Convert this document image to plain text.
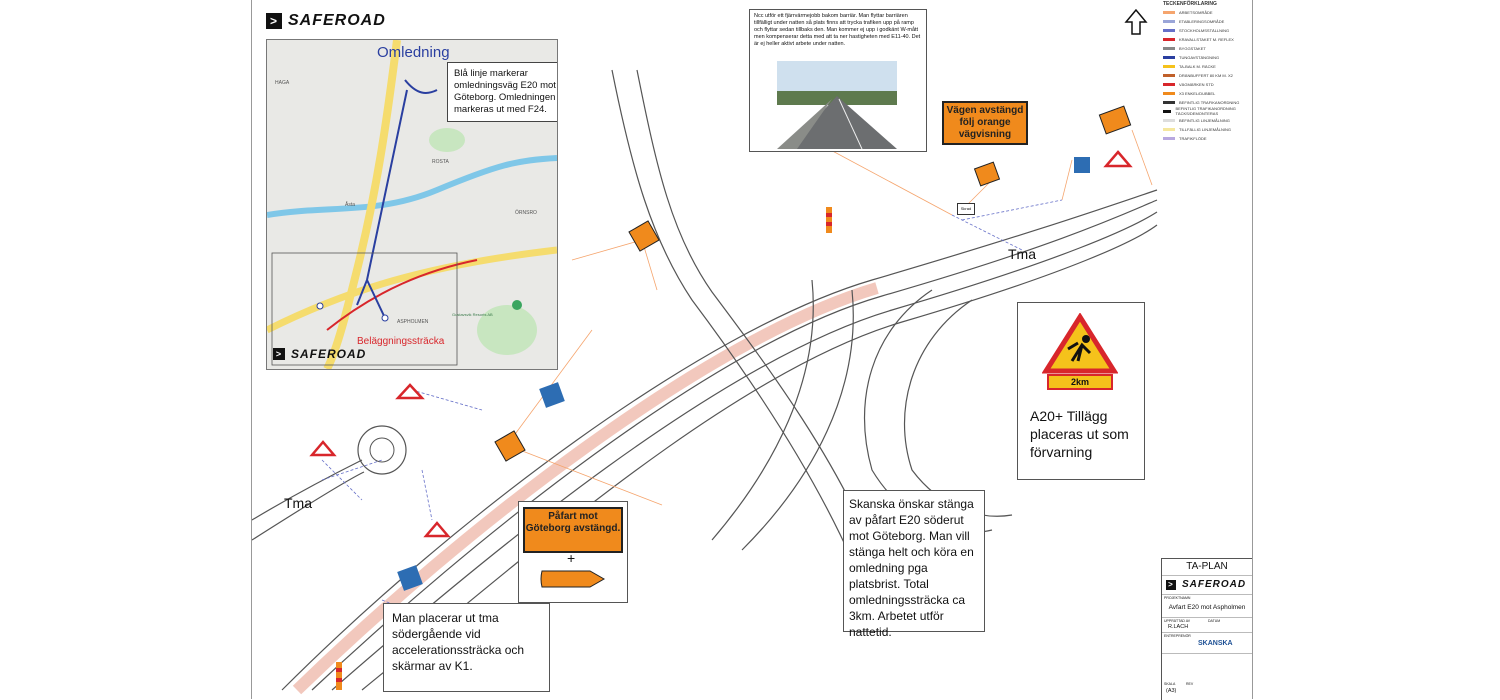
> SAFEROAD
Omledning
Blå linje markerar omledningsväg E20 mot Göteborg. Omledningen markeras ut med F24.
HAGA
ROSTA
ÖRNSRO
ASPHOLMEN
Gustavsvik Resorts AB
Åsta
Beläggningssträcka
> SAFEROAD
Ncc utför ett fjärrvärmejobb bakom barriär. Man flyttar barriären tillfälligt under natten så plats finns att trycka trafiken upp på ramp och flyttar sedan tillbaks den. Man kommer ej upp i godkänt W-mått men kompenserar detta med att ta ner hastigheten med E11-40. Det är ej heller aktivt arbete under natten.
Vägen avstängd följ orange vägvisning
Skrad
Tma
Tma
2km
A20+ Tillägg placeras ut som förvarning
Skanska önskar stänga av påfart E20 söderut mot Göteborg. Man vill stänga helt och köra en omledning pga platsbrist. Total omledningssträcka ca 3km. Arbetet utför nattetid.
Påfart mot Göteborg avstängd.
+
Man placerar ut tma södergående vid accelerationssträcka och skärmar av K1.
TECKENFÖRKLARING
ARBETSOMRÅDE
ETABLERINGSOMRÅDE
STOCKHOLMSSTÄLLNING
KRAVALLSTAKET M. REFLEX
BYGGSTAKET
TUNGAVSTÄNGNING
TA-BALK M. RÄCKE
DRÄNBUFFERT 80 KM M. X2
VÄGMÄRKEN STD
X3 ENKEL/DUBBEL
BEFINTLIG TRAFIKANORDNING
BEFINTLIG TRAFIKANORDNING TÄCKS/DEMONTERAS
BEFINTLIG LINJEMÅLNING
TILLFÄLLIG LINJEMÅLNING
TRAFIKFLÖDE
TA-PLAN
> SAFEROAD
PROJEKTNAMN
Avfart E20 mot Aspholmen
UPPRÄTTAD AV
R.LACH
DATUM
ENTREPRENÖR
SKANSKA
SKALA
(A3)
REV
